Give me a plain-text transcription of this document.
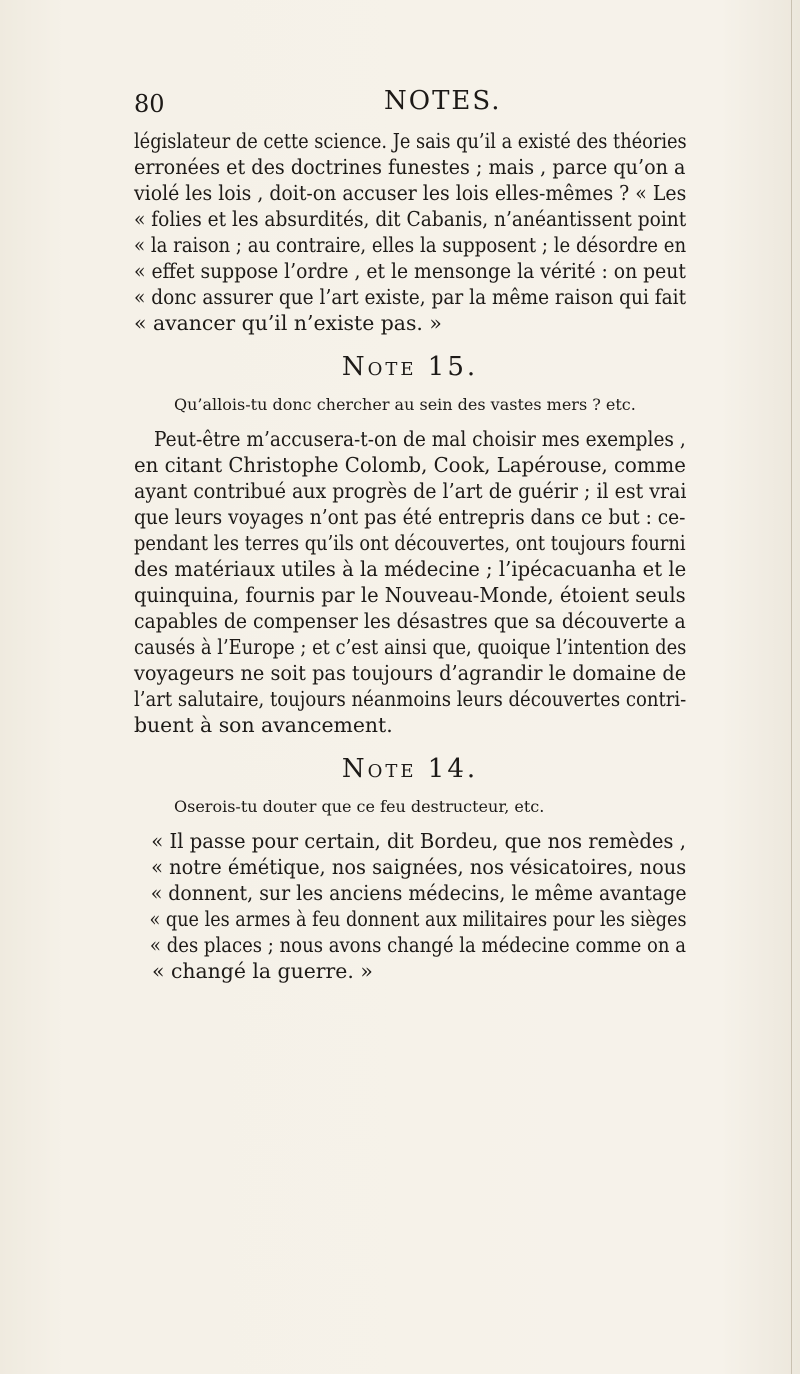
80	NOTES.
législateur de cette science. Je sais qu’il a existé des théories
erronées et des doctrines funestes ; mais , parce qu’on a
violé les lois , doit-on accuser les lois elles-mêmes ? « Les
« folies et les absurdités, dit Cabanis, n’anéantissent point
« la raison ; au contraire, elles la supposent ; le désordre en
« effet suppose l’ordre , et le mensonge la vérité : on peut
« donc assurer que l’art existe, par la même raison qui fait
« avancer qu’il n’existe pas. »
Note 15.
Qu’allois-tu donc chercher au sein des vastes mers ? etc.
Peut-être m’accusera-t-on de mal choisir mes exemples ,
en citant Christophe Colomb, Cook, Lapérouse, comme
ayant contribué aux progrès de l’art de guérir ; il est vrai
que leurs voyages n’ont pas été entrepris dans ce but : ce-
pendant les terres qu’ils ont découvertes, ont toujours fourni
des matériaux utiles à la médecine ; l’ipécacuanha et le
quinquina, fournis par le Nouveau-Monde, étoient seuls
capables de compenser les désastres que sa découverte a
causés à l’Europe ; et c’est ainsi que, quoique l’intention des
voyageurs ne soit pas toujours d’agrandir le domaine de
l’art salutaire, toujours néanmoins leurs découvertes contri-
buent à son avancement.
Note 14.
Oserois-tu douter que ce feu destructeur, etc.
« Il passe pour certain, dit Bordeu, que nos remèdes ,
« notre émétique, nos saignées, nos vésicatoires, nous
« donnent, sur les anciens médecins, le même avantage
« que les armes à feu donnent aux militaires pour les sièges
« des places ; nous avons changé la médecine comme on a
« changé la guerre. »
